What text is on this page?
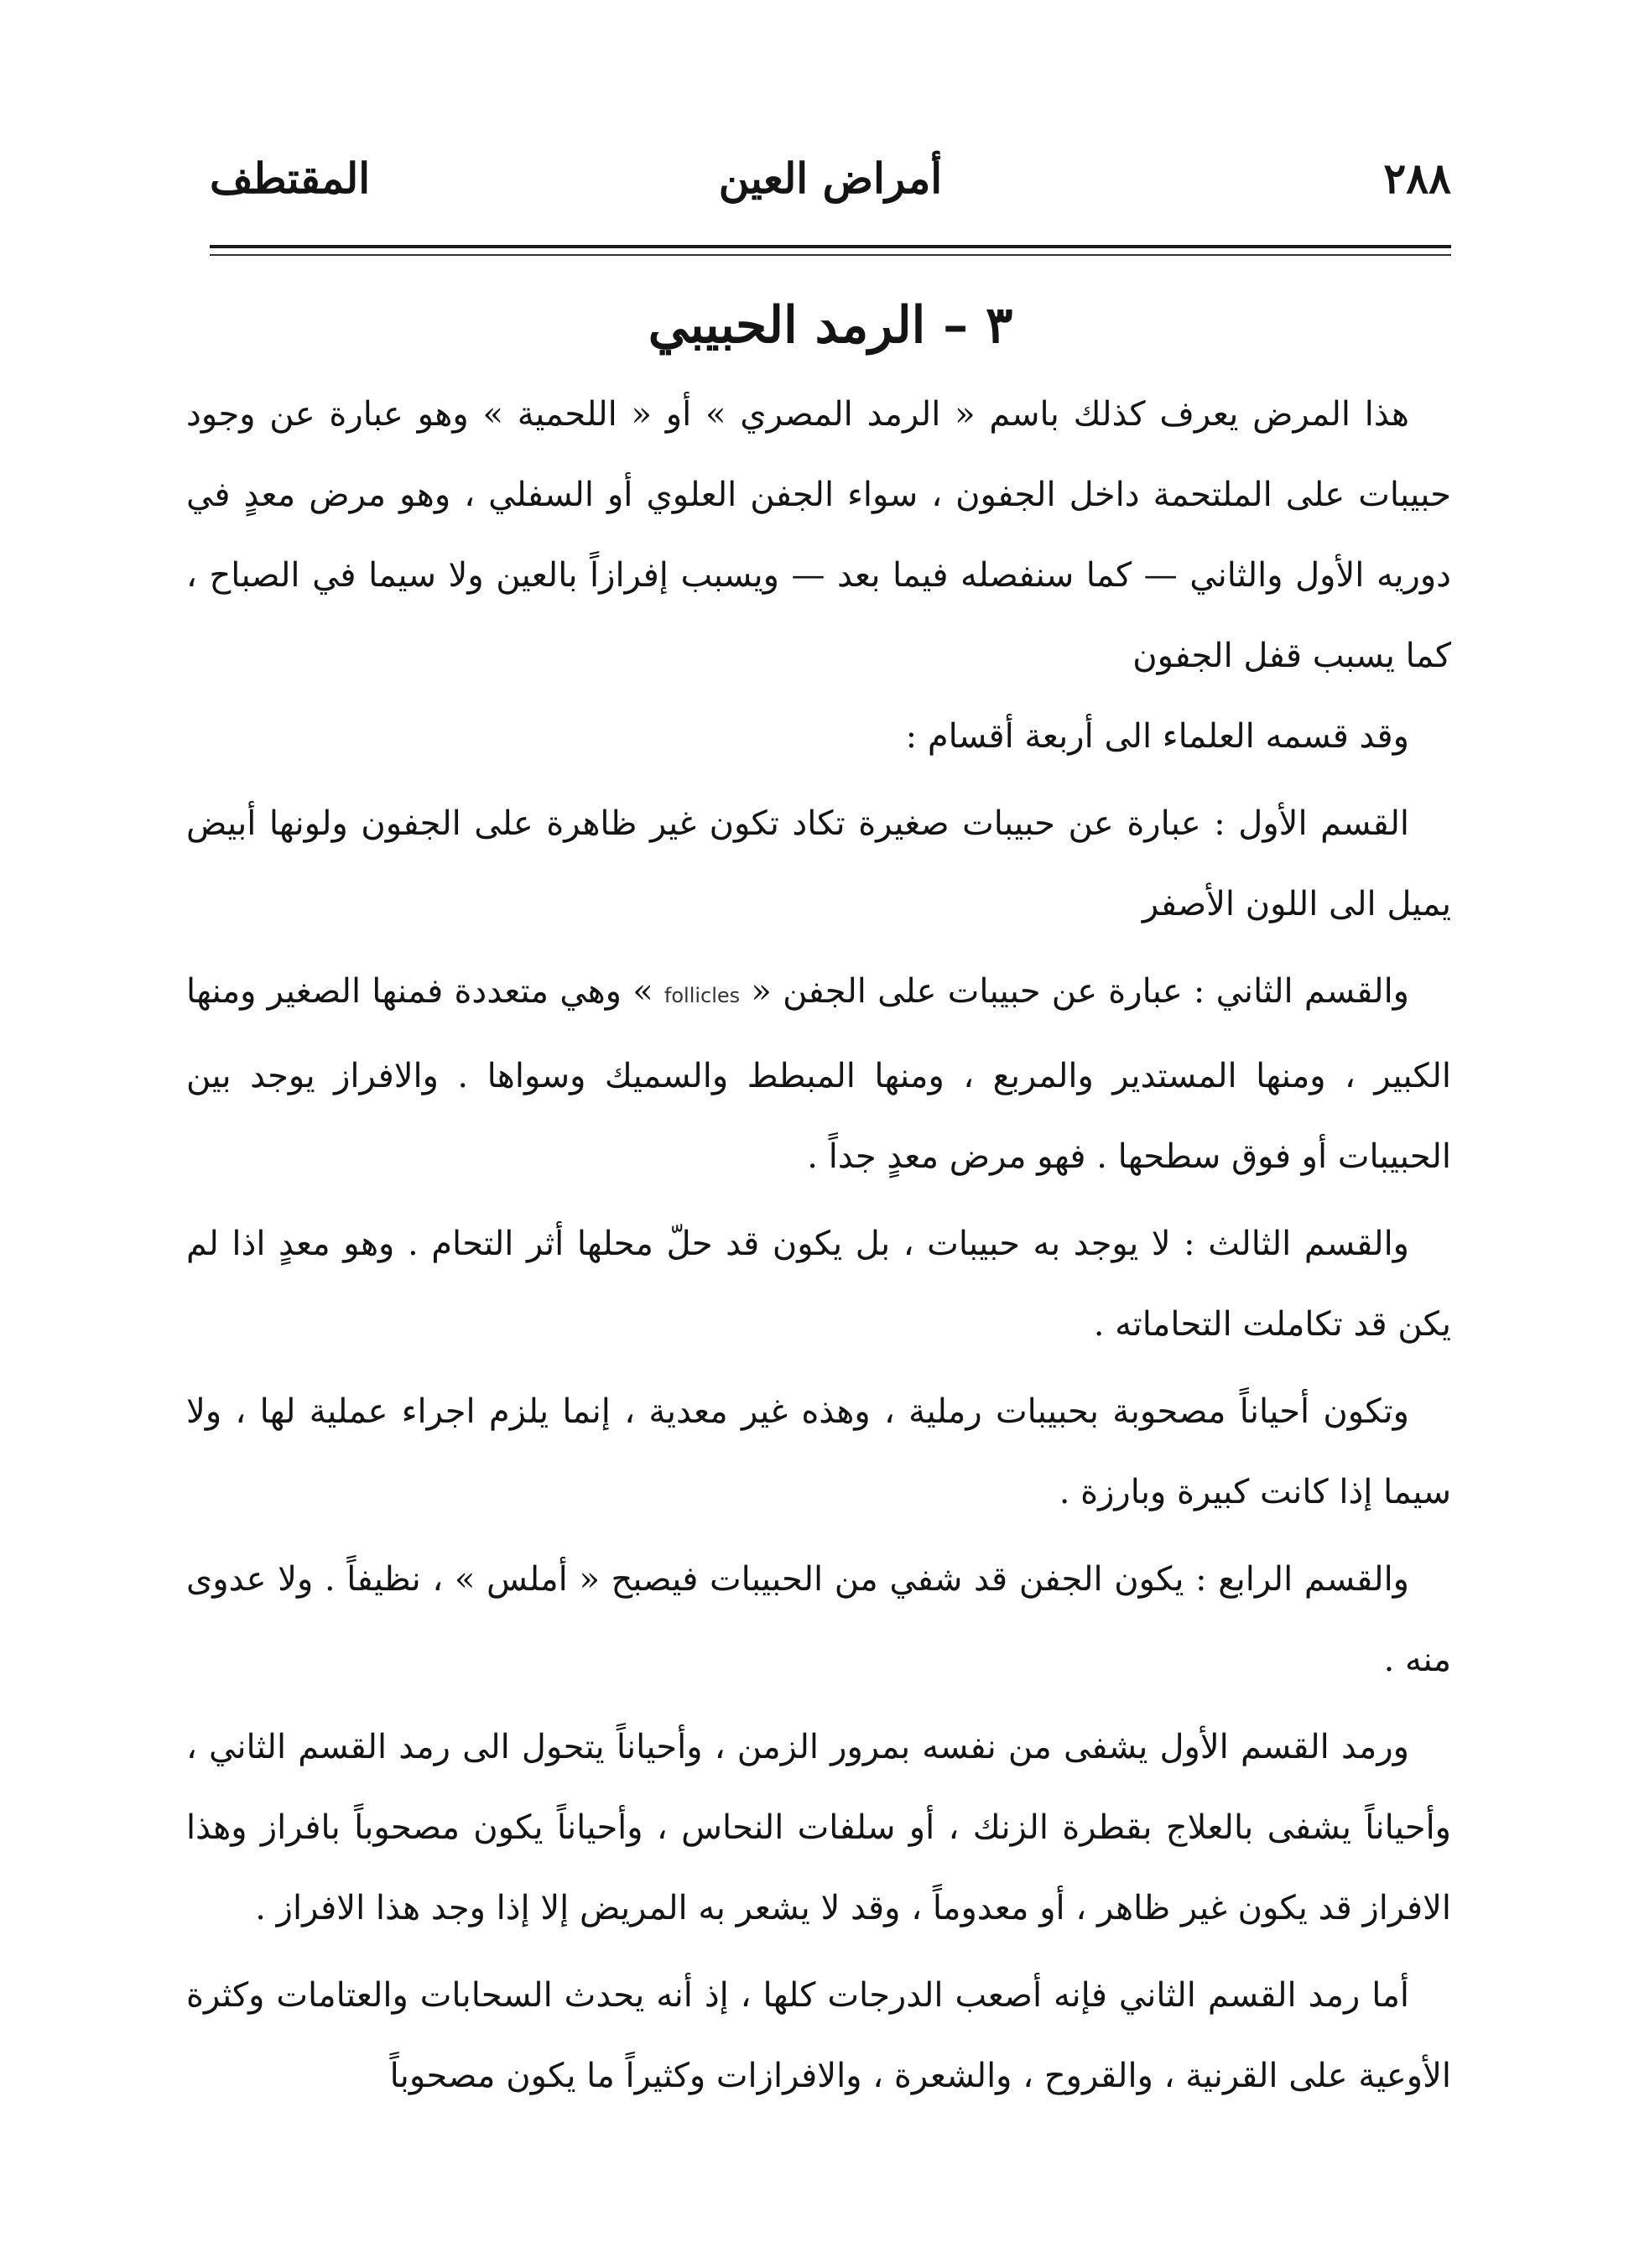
٢٨٨
أمراض العين
المقتطف
٣ – الرمد الحبيبي

هذا المرض يعرف كذلك باسم « الرمد المصري » أو « اللحمية » وهو عبارة عن وجود حبيبات على الملتحمة داخل الجفون ، سواء الجفن العلوي أو السفلي ، وهو مرض معدٍ في دوريه الأول والثاني — كما سنفصله فيما بعد — ويسبب إفرازاً بالعين ولا سيما في الصباح ، كما يسبب قفل الجفون

وقد قسمه العلماء الى أربعة أقسام :

القسم الأول : عبارة عن حبيبات صغيرة تكاد تكون غير ظاهرة على الجفون ولونها أبيض يميل الى اللون الأصفر

والقسم الثاني : عبارة عن حبيبات على الجفن « follicles » وهي متعددة فمنها الصغير ومنها الكبير ، ومنها المستدير والمربع ، ومنها المبطط والسميك وسواها . والافراز يوجد بين الحبيبات أو فوق سطحها . فهو مرض معدٍ جداً .

والقسم الثالث : لا يوجد به حبيبات ، بل يكون قد حلّ محلها أثر التحام . وهو معدٍ اذا لم يكن قد تكاملت التحاماته .

وتكون أحياناً مصحوبة بحبيبات رملية ، وهذه غير معدية ، إنما يلزم اجراء عملية لها ، ولا سيما إذا كانت كبيرة وبارزة .

والقسم الرابع : يكون الجفن قد شفي من الحبيبات فيصبح « أملس » ، نظيفاً . ولا عدوى منه .

ورمد القسم الأول يشفى من نفسه بمرور الزمن ، وأحياناً يتحول الى رمد القسم الثاني ، وأحياناً يشفى بالعلاج بقطرة الزنك ، أو سلفات النحاس ، وأحياناً يكون مصحوباً بافراز وهذا الافراز قد يكون غير ظاهر ، أو معدوماً ، وقد لا يشعر به المريض إلا إذا وجد هذا الافراز .

أما رمد القسم الثاني فإنه أصعب الدرجات كلها ، إذ أنه يحدث السحابات والعتامات وكثرة الأوعية على القرنية ، والقروح ، والشعرة ، والافرازات وكثيراً ما يكون مصحوباً
